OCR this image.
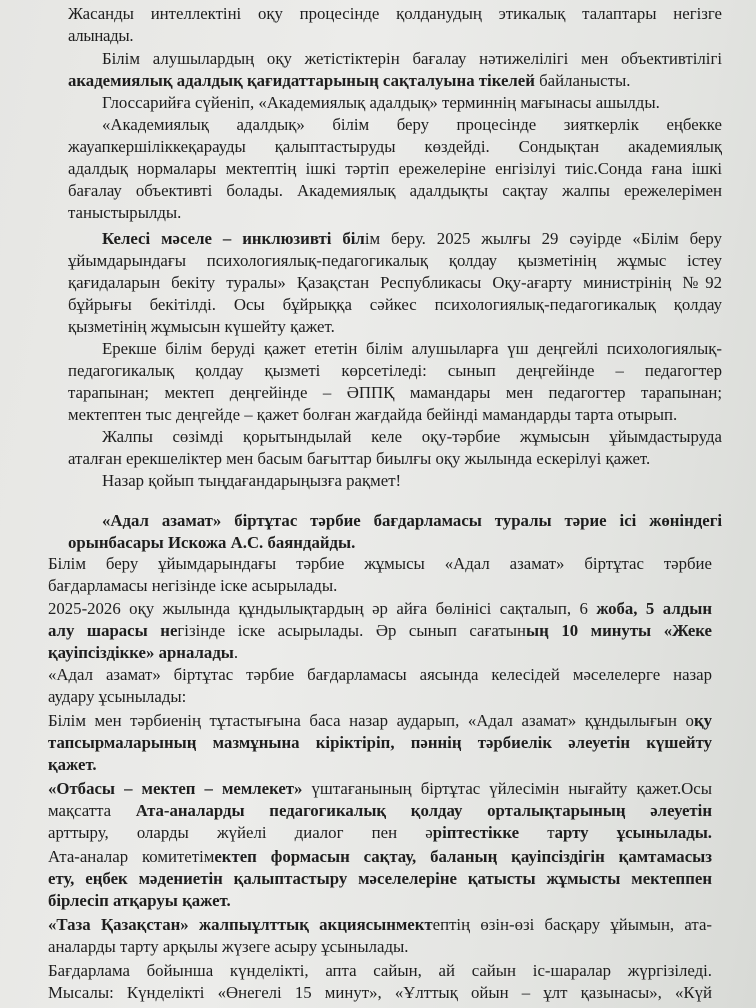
Жасанды интеллектіні оқу процесінде қолданудың этикалық талаптары негізге
алынады.
Білім алушылардың оқу жетістіктерін бағалау нәтижелілігі мен объективтілігі
академиялық адалдық қағидаттарының сақталуына тікелей байланысты.
Глоссарийға сүйеніп, «Академиялық адалдық» терминнің мағынасы ашылды.
«Академиялық адалдық» білім беру процесінде зияткерлік еңбекке
жауапкершіліккеқарауды қалыптастыруды көздейді. Сондықтан академиялық
адалдық нормалары мектептің ішкі тәртіп ережелеріне енгізілуі тиіс.Сонда ғана ішкі
бағалау объективті болады. Академиялық адалдықты сақтау жалпы ережелерімен
таныстырылды.
Келесі мәселе – инклюзивті білім беру. 2025 жылғы 29 сәуірде «Білім беру
ұйымдарындағы психологиялық-педагогикалық қолдау қызметінің жұмыс істеу
қағидаларын бекіту туралы» Қазақстан Республикасы Оқу-ағарту министрінің №92
бұйрығы бекітілді. Осы бұйрыққа сәйкес психологиялық-педагогикалық қолдау
қызметінің жұмысын күшейту қажет.
Ерекше білім беруді қажет ететін білім алушыларға үш деңгейлі психологиялық-
педагогикалық қолдау қызметі көрсетіледі: сынып деңгейінде – педагогтер
тарапынан; мектеп деңгейінде – ӘППҚ мамандары мен педагогтер тарапынан;
мектептен тыс деңгейде – қажет болған жағдайда бейінді мамандарды тарта отырып.
Жалпы сөзімді қорытындылай келе оқу-тәрбие жұмысын ұйымдастыруда
аталған ерекшеліктер мен басым бағыттар биылғы оқу жылында ескерілуі қажет.
Назар қойып тыңдағандарыңызға рақмет!
«Адал азамат» біртұтас тәрбие бағдарламасы туралы тәрие ісі жөніндегі
орынбасары Искожа А.С. баяндайды.
Білім беру ұйымдарындағы тәрбие жұмысы «Адал азамат» біртұтас тәрбие
бағдарламасы негізінде іске асырылады.
2025-2026 оқу жылында құндылықтардың әр айға бөлінісі сақталып, 6 жоба, 5 алдын
алу шарасы негізінде іске асырылады. Әр сынып сағатының 10 минуты «Жеке
қауіпсіздікке» арналады.
«Адал азамат» біртұтас тәрбие бағдарламасы аясында келесідей мәселелерге назар
аудару ұсынылады:
Білім мен тәрбиенің тұтастығына баса назар аударып, «Адал азамат» құндылығын оқу
тапсырмаларының мазмұнына кіріктіріп, пәннің тәрбиелік әлеуетін күшейту
қажет.
«Отбасы – мектеп – мемлекет» үштағанының біртұтас үйлесімін нығайту қажет.Осы
мақсатта Ата-аналарды педагогикалық қолдау орталықтарының әлеуетін
арттыру, оларды жүйелі диалог пен әріптестікке тарту ұсынылады.
Ата-аналар комитетімектеп формасын сақтау, баланың қауіпсіздігін қамтамасыз
ету, еңбек мәдениетін қалыптастыру мәселелеріне қатысты жұмысты мектеппен
бірлесіп атқаруы қажет.
«Таза Қазақстан» жалпыұлттық акциясынмектептің өзін-өзі басқару ұйымын, ата-
аналарды тарту арқылы жүзеге асыру ұсынылады.
Бағдарлама бойынша күнделікті, апта сайын, ай сайын іс-шаралар жүргізіледі.
Мысалы: Күнделікті «Өнегелі 15 минут», «Ұлттық ойын – ұлт қазынасы», «Күй
